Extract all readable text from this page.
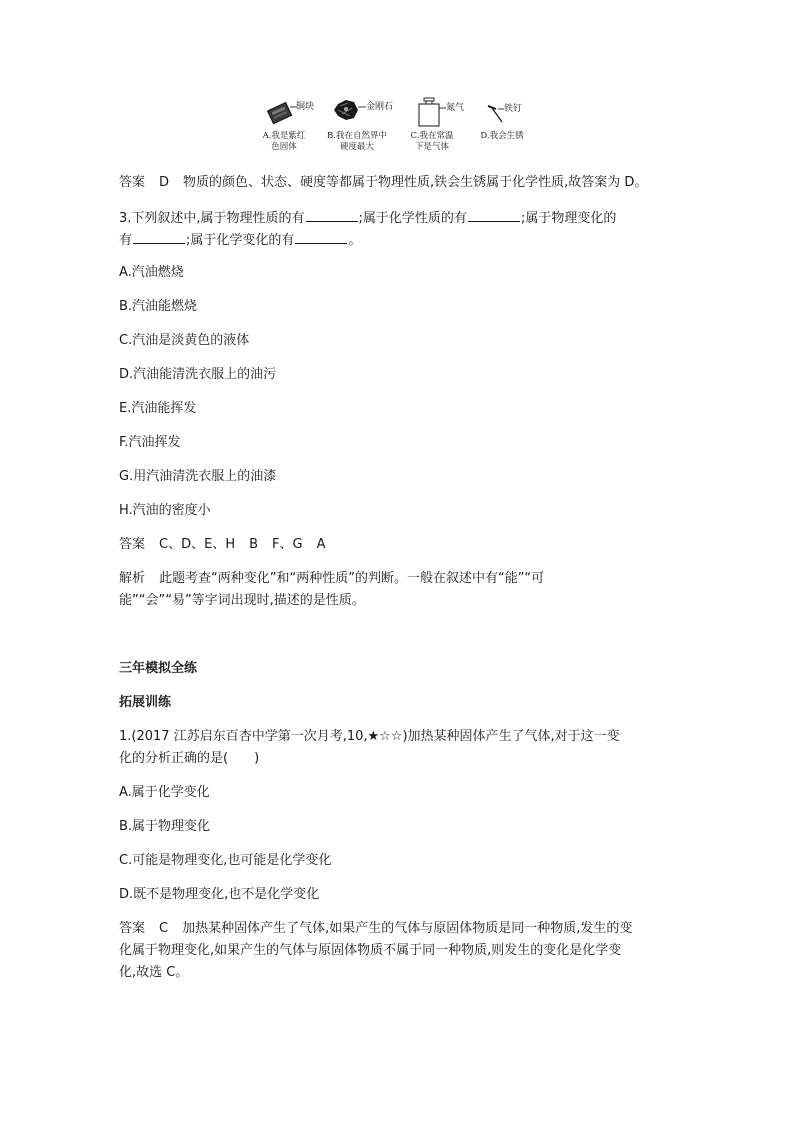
铜块
A.我是紫红
色固体
金刚石
B.我在自然界中
硬度最大
氮气
C.我在常温
下是气体
铁钉
D.我会生锈
答案 D 物质的颜色、状态、硬度等都属于物理性质,铁会生锈属于化学性质,故答案为 D。
3.下列叙述中,属于物理性质的有	;属于化学性质的有	;属于物理变化的
有	;属于化学变化的有	。
A.汽油燃烧
B.汽油能燃烧
C.汽油是淡黄色的液体
D.汽油能清洗衣服上的油污
E.汽油能挥发
F.汽油挥发
G.用汽油清洗衣服上的油漆
H.汽油的密度小
答案 C、D、E、H B F、G A
解析 此题考查“两种变化”和“两种性质”的判断。一般在叙述中有“能”“可
能”“会”“易”等字词出现时,描述的是性质。
三年模拟全练
拓展训练
1.(2017 江苏启东百杏中学第一次月考,10,★☆☆)加热某种固体产生了气体,对于这一变
化的分析正确的是(　　)
A.属于化学变化
B.属于物理变化
C.可能是物理变化,也可能是化学变化
D.既不是物理变化,也不是化学变化
答案 C 加热某种固体产生了气体,如果产生的气体与原固体物质是同一种物质,发生的变
化属于物理变化,如果产生的气体与原固体物质不属于同一种物质,则发生的变化是化学变
化,故选 C。
